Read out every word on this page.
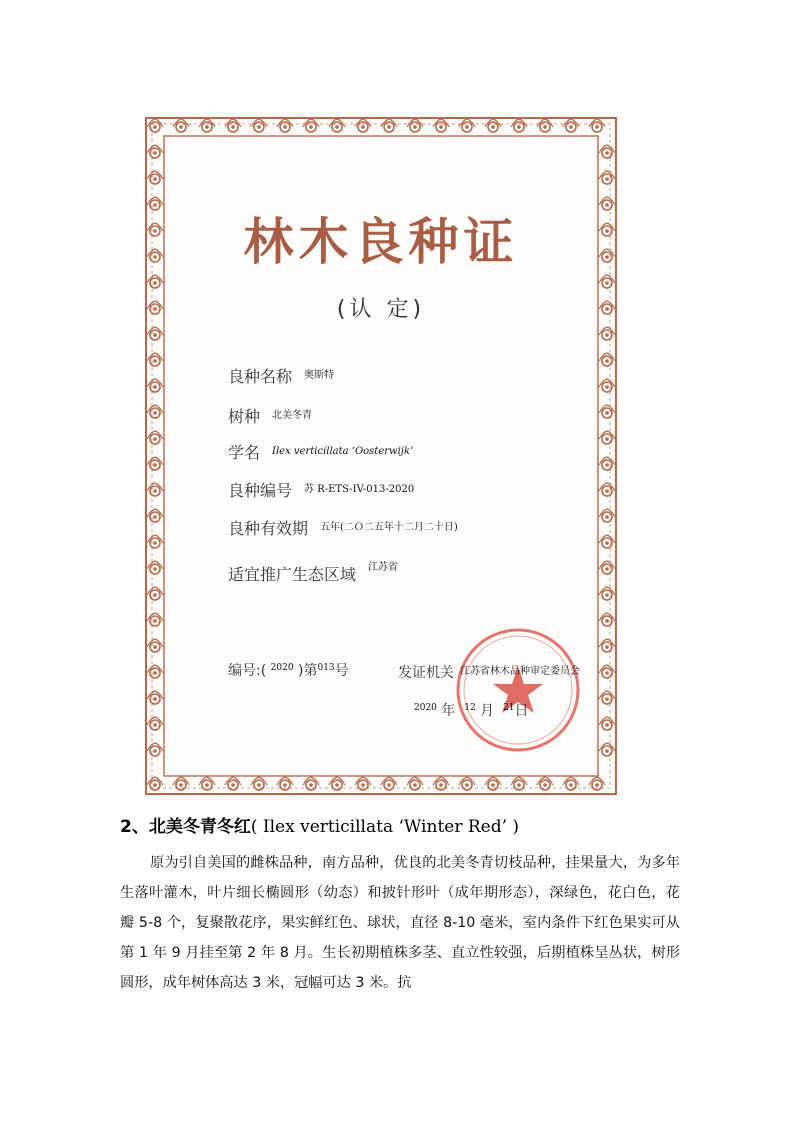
林木良种证
(认 定)
良种名称 $^{奥斯特}$
树种 $^{北美冬青}$
学名 $^{Ilex verticillata ‘Oosterwijk’}$
良种编号 $^{苏 R-ETS-IV-013-2020}$
良种有效期 $^{五年(二O二五年十二月二十日)}$
适宜推广生态区域 $^{江苏省}$
编号:( $^{2020}$ )第$^{013}$号	发证机关 $^{江苏省林木品种审定委员会}$
$^{2020}$ 年 $^{12}$ 月 $^{21}$日
2、北美冬青冬红( Ilex verticillata ‘Winter Red’ )
原为引自美国的雌株品种，南方品种，优良的北美冬青切枝品种，挂果量大，为多年生落叶灌木，叶片细长椭圆形（幼态）和披针形叶（成年期形态），深绿色，花白色，花瓣 5-8 个，复聚散花序，果实鲜红色、球状，直径 8-10 毫米，室内条件下红色果实可从第 1 年 9 月挂至第 2 年 8 月。生长初期植株多茎、直立性较强，后期植株呈丛状，树形圆形，成年树体高达 3 米，冠幅可达 3 米。抗
